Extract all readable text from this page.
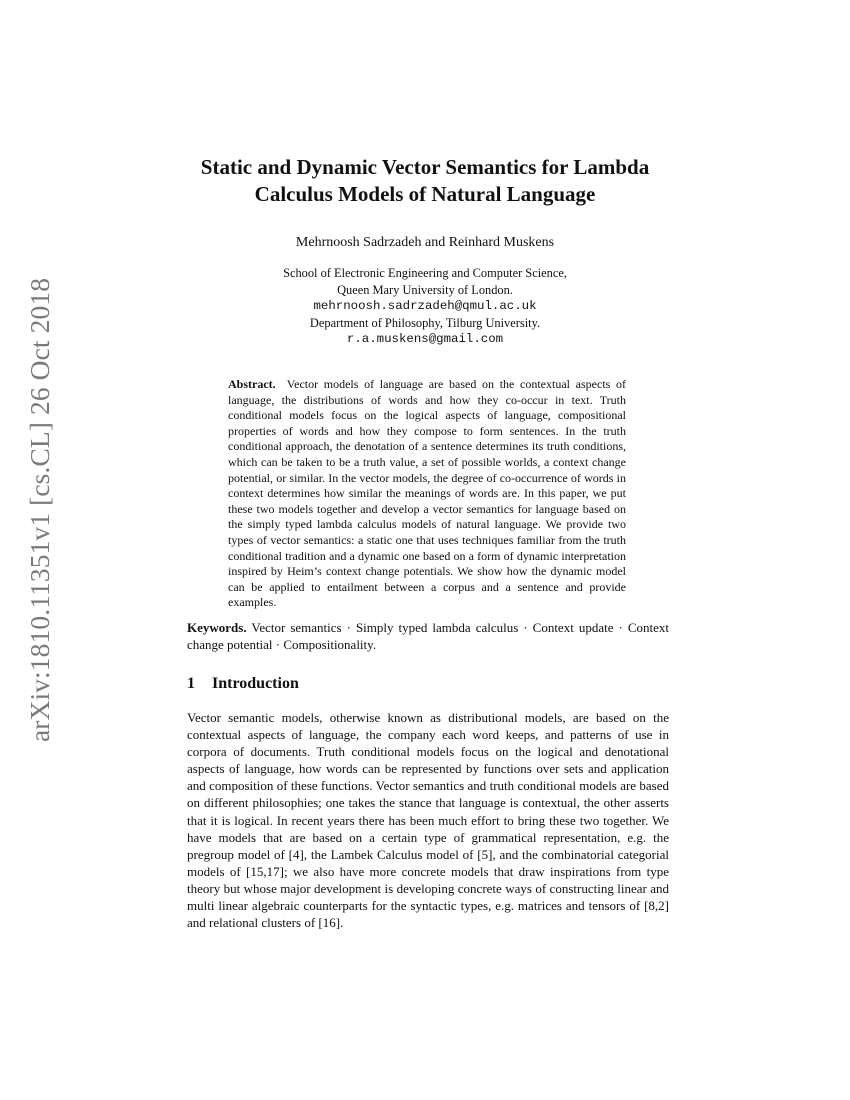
arXiv:1810.11351v1 [cs.CL] 26 Oct 2018
Static and Dynamic Vector Semantics for Lambda
Calculus Models of Natural Language
Mehrnoosh Sadrzadeh and Reinhard Muskens
School of Electronic Engineering and Computer Science,
Queen Mary University of London.
mehrnoosh.sadrzadeh@qmul.ac.uk
Department of Philosophy, Tilburg University.
r.a.muskens@gmail.com
Abstract. Vector models of language are based on the contextual aspects of language, the distributions of words and how they co-occur in text. Truth conditional models focus on the logical aspects of language, compositional properties of words and how they compose to form sentences. In the truth conditional approach, the denotation of a sentence determines its truth conditions, which can be taken to be a truth value, a set of possible worlds, a context change potential, or similar. In the vector models, the degree of co-occurrence of words in context determines how similar the meanings of words are. In this paper, we put these two models together and develop a vector semantics for language based on the simply typed lambda calculus models of natural language. We provide two types of vector semantics: a static one that uses techniques familiar from the truth conditional tradition and a dynamic one based on a form of dynamic interpretation inspired by Heim’s context change potentials. We show how the dynamic model can be applied to entailment between a corpus and a sentence and provide examples.
Keywords. Vector semantics · Simply typed lambda calculus · Context update · Context change potential · Compositionality.
1 Introduction
Vector semantic models, otherwise known as distributional models, are based on the contextual aspects of language, the company each word keeps, and patterns of use in corpora of documents. Truth conditional models focus on the logical and denotational aspects of language, how words can be represented by functions over sets and application and composition of these functions. Vector semantics and truth conditional models are based on different philosophies; one takes the stance that language is contextual, the other asserts that it is logical. In recent years there has been much effort to bring these two together. We have models that are based on a certain type of grammatical representation, e.g. the pregroup model of [4], the Lambek Calculus model of [5], and the combinatorial categorial models of [15,17]; we also have more concrete models that draw inspirations from type theory but whose major development is developing concrete ways of constructing linear and multi linear algebraic counterparts for the syntactic types, e.g. matrices and tensors of [8,2] and relational clusters of [16].
